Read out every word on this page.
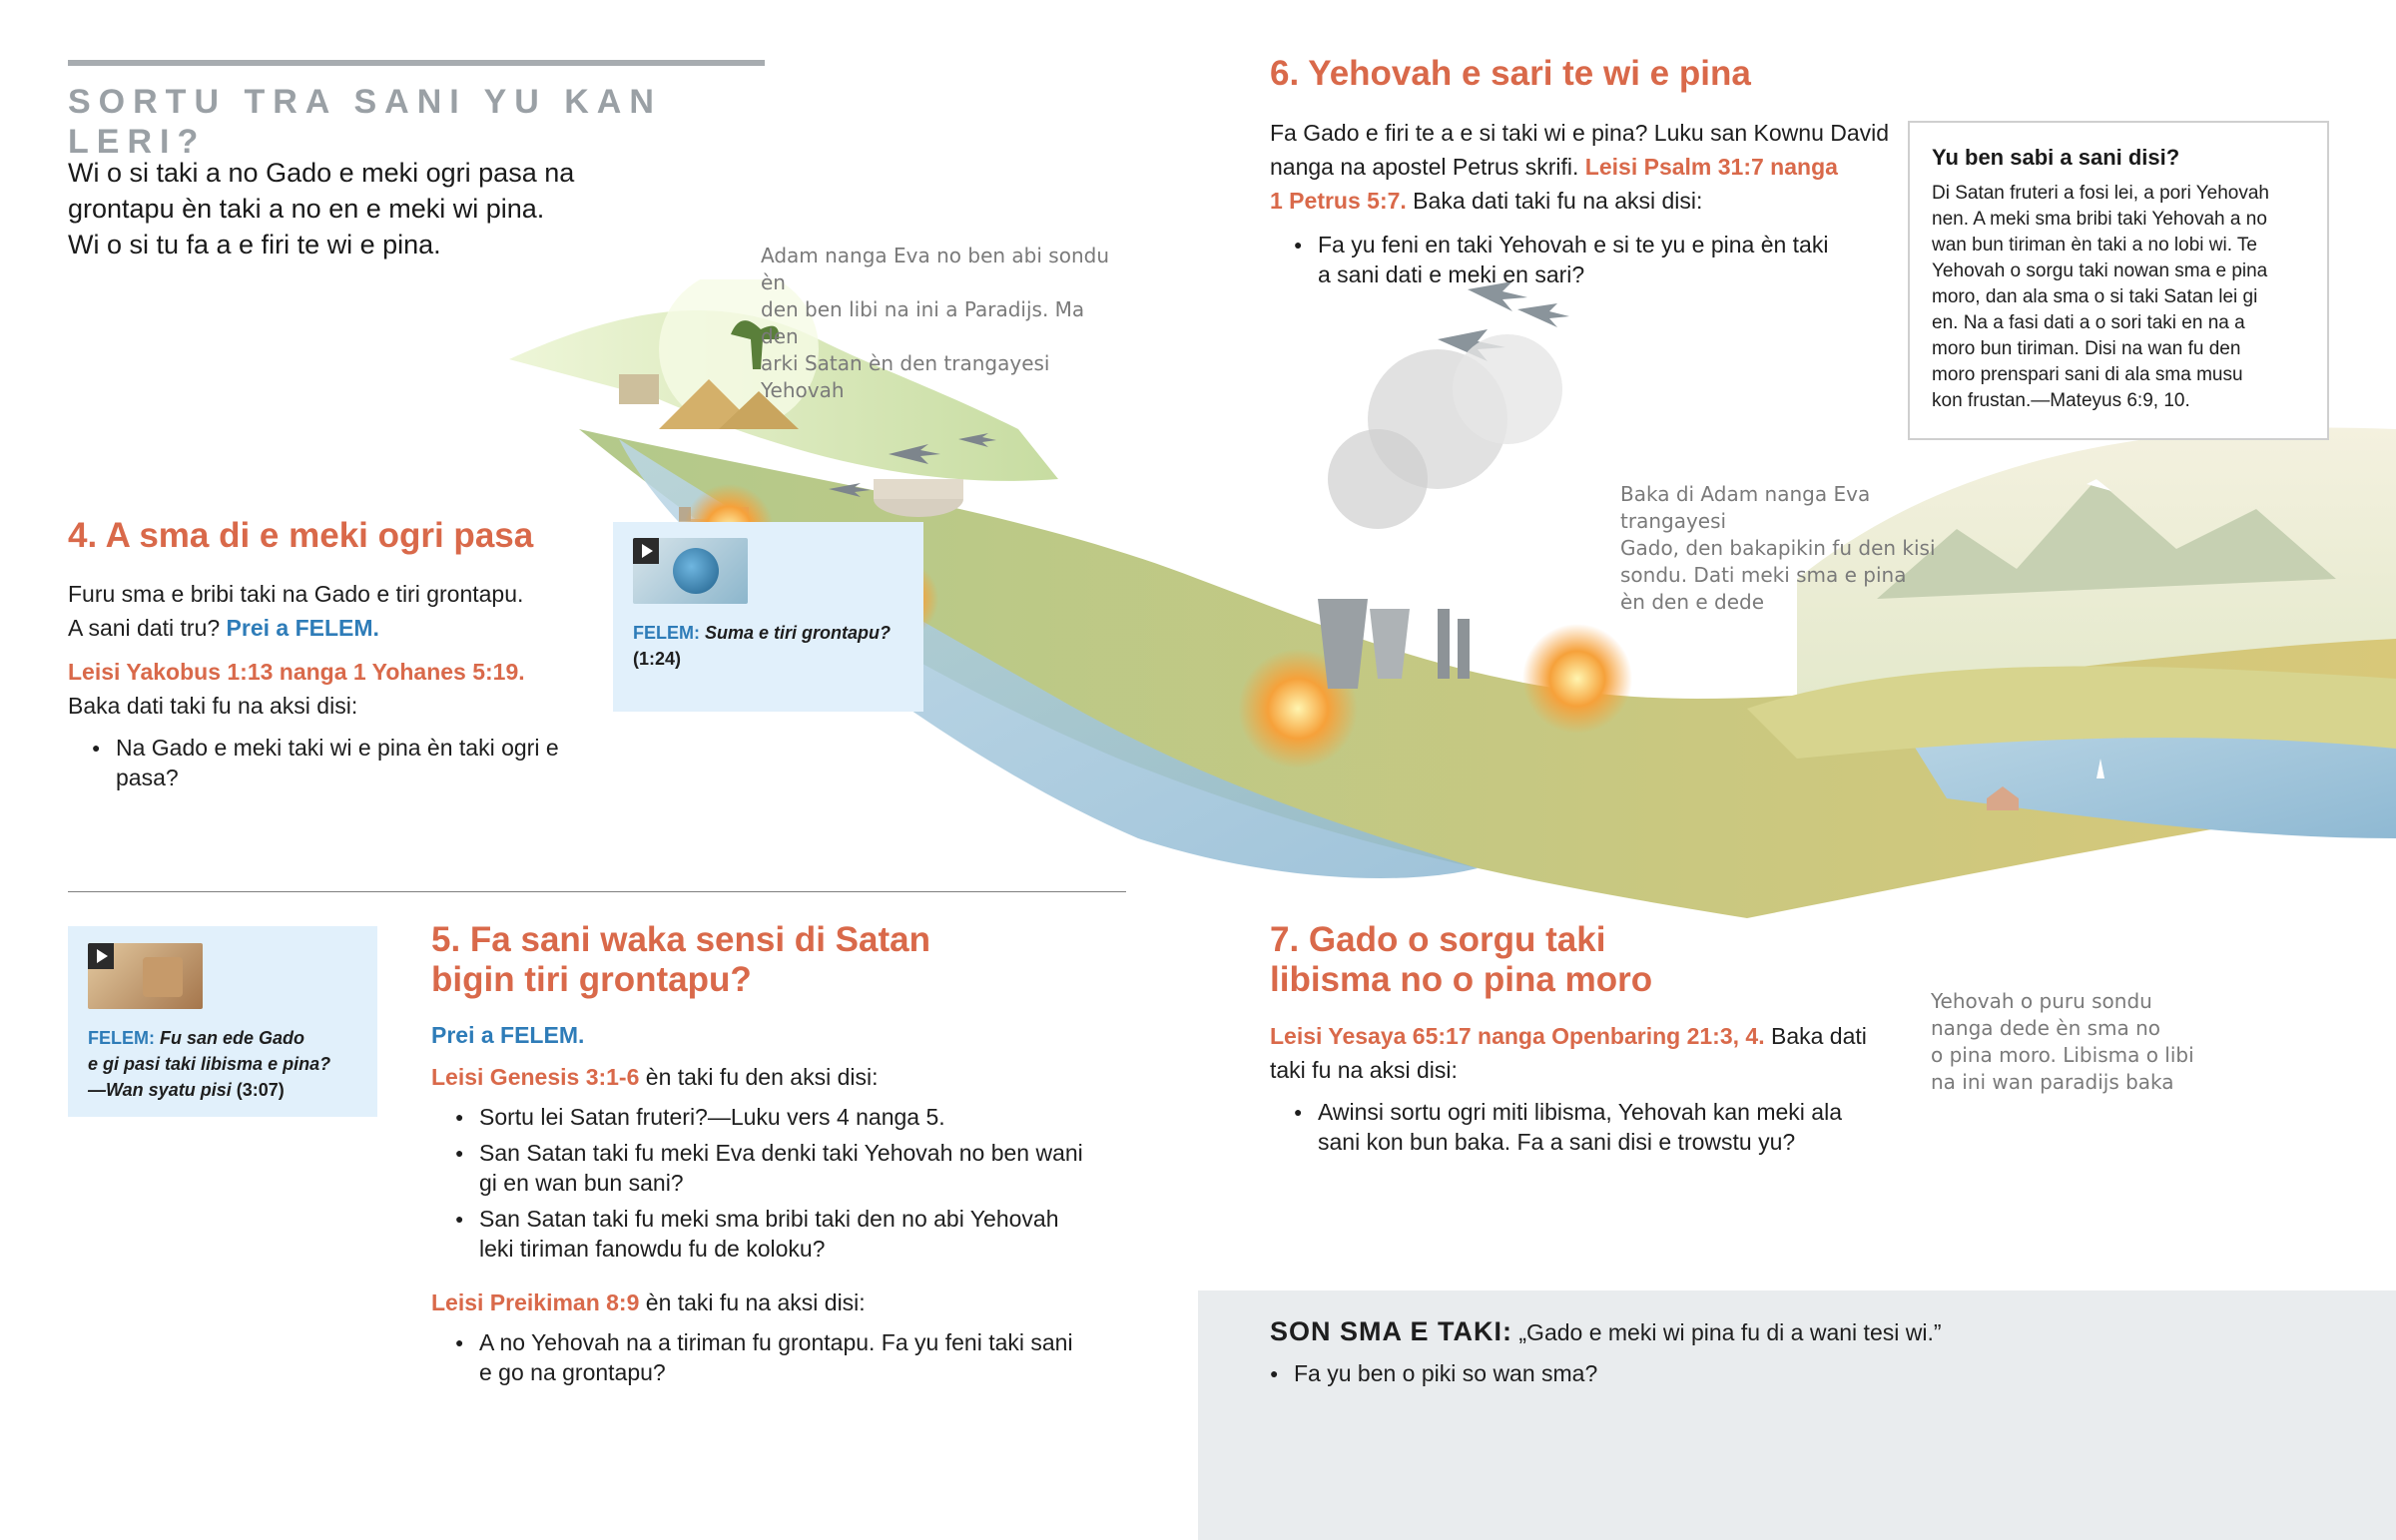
SORTU TRA SANI YU KAN LERI?
Wi o si taki a no Gado e meki ogri pasa na
grontapu èn taki a no en e meki wi pina.
Wi o si tu fa a e firi te wi e pina.	Adam nanga Eva no ben abi sondu èn
den ben libi na ini a Paradijs. Ma den
arki Satan èn den trangayesi Yehovah
Baka di Adam nanga Eva trangayesi
Gado, den bakapikin fu den kisi
sondu. Dati meki sma e pina
èn den e dede
Yehovah o puru sondu
nanga dede èn sma no
o pina moro. Libisma o libi
na ini wan paradijs baka
4. A sma di e meki ogri pasa
Furu sma e bribi taki na Gado e tiri grontapu.
A sani dati tru? Prei a FELEM.
Leisi Yakobus 1:13 nanga 1 Yohanes 5:19.
Baka dati taki fu na aksi disi:
● Na Gado e meki taki wi e pina èn taki ogri e pasa?
FELEM: Suma e tiri grontapu?
(1:24)
FELEM: Fu san ede Gado
e gi pasi taki libisma e pina?
—Wan syatu pisi (3:07)
5. Fa sani waka sensi di Satan
bigin tiri grontapu?
Prei a FELEM.
Leisi Genesis 3:1-6 èn taki fu den aksi disi:
● Sortu lei Satan fruteri?—Luku vers 4 nanga 5.
● San Satan taki fu meki Eva denki taki Yehovah no ben wani gi en wan bun sani?
● San Satan taki fu meki sma bribi taki den no abi Yehovah leki tiriman fanowdu fu de koloku?
Leisi Preikiman 8:9 èn taki fu na aksi disi:
● A no Yehovah na a tiriman fu grontapu. Fa yu feni taki sani e go na grontapu?
6. Yehovah e sari te wi e pina
Fa Gado e firi te a e si taki wi e pina? Luku san Kownu David
nanga na apostel Petrus skrifi. Leisi Psalm 31:7 nanga
1 Petrus 5:7. Baka dati taki fu na aksi disi:
● Fa yu feni en taki Yehovah e si te yu e pina èn taki a sani dati e meki en sari?
Yu ben sabi a sani disi?
Di Satan fruteri a fosi lei, a pori Yehovah
nen. A meki sma bribi taki Yehovah a no
wan bun tiriman èn taki a no lobi wi. Te
Yehovah o sorgu taki nowan sma e pina
moro, dan ala sma o si taki Satan lei gi
en. Na a fasi dati a o sori taki en na a
moro bun tiriman. Disi na wan fu den
moro prenspari sani di ala sma musu
kon frustan.—Mateyus 6:9, 10.
7. Gado o sorgu taki
libisma no o pina moro
Leisi Yesaya 65:17 nanga Openbaring 21:3, 4. Baka dati taki fu na aksi disi:
● Awinsi sortu ogri miti libisma, Yehovah kan meki ala sani kon bun baka. Fa a sani disi e trowstu yu?
SON SMA E TAKI: „Gado e meki wi pina fu di a wani tesi wi.”
● Fa yu ben o piki so wan sma?
